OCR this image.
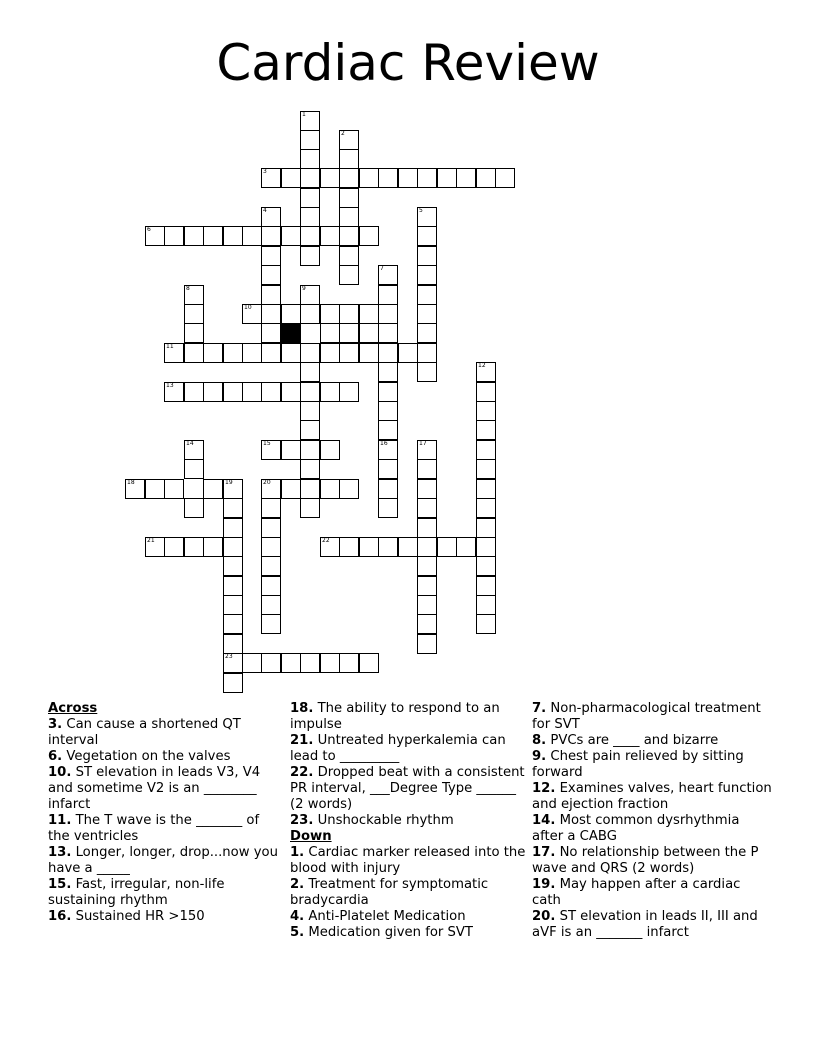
Cardiac Review
1
2
3
4	5
6
7
8	9
10
11
12
13
14	15	16	17
18	19	20
23
21	22
Across
3. Can cause a shortened QT interval
6. Vegetation on the valves
10. ST elevation in leads V3, V4 and sometime V2 is an ________ infarct
11. The T wave is the _______ of the ventricles
13. Longer, longer, drop...now you have a _____
15. Fast, irregular, non-life sustaining rhythm
16. Sustained HR >150
18. The ability to respond to an impulse
21. Untreated hyperkalemia can lead to _________
22. Dropped beat with a consistent PR interval, ___Degree Type ______ (2 words)
23. Unshockable rhythm
Down
1. Cardiac marker released into the blood with injury
2. Treatment for symptomatic bradycardia
4. Anti-Platelet Medication
5. Medication given for SVT
7. Non-pharmacological treatment for SVT
8. PVCs are ____ and bizarre
9. Chest pain relieved by sitting forward
12. Examines valves, heart function and ejection fraction
14. Most common dysrhythmia after a CABG
17. No relationship between the P wave and QRS (2 words)
19. May happen after a cardiac cath
20. ST elevation in leads II, III and aVF is an _______ infarct
